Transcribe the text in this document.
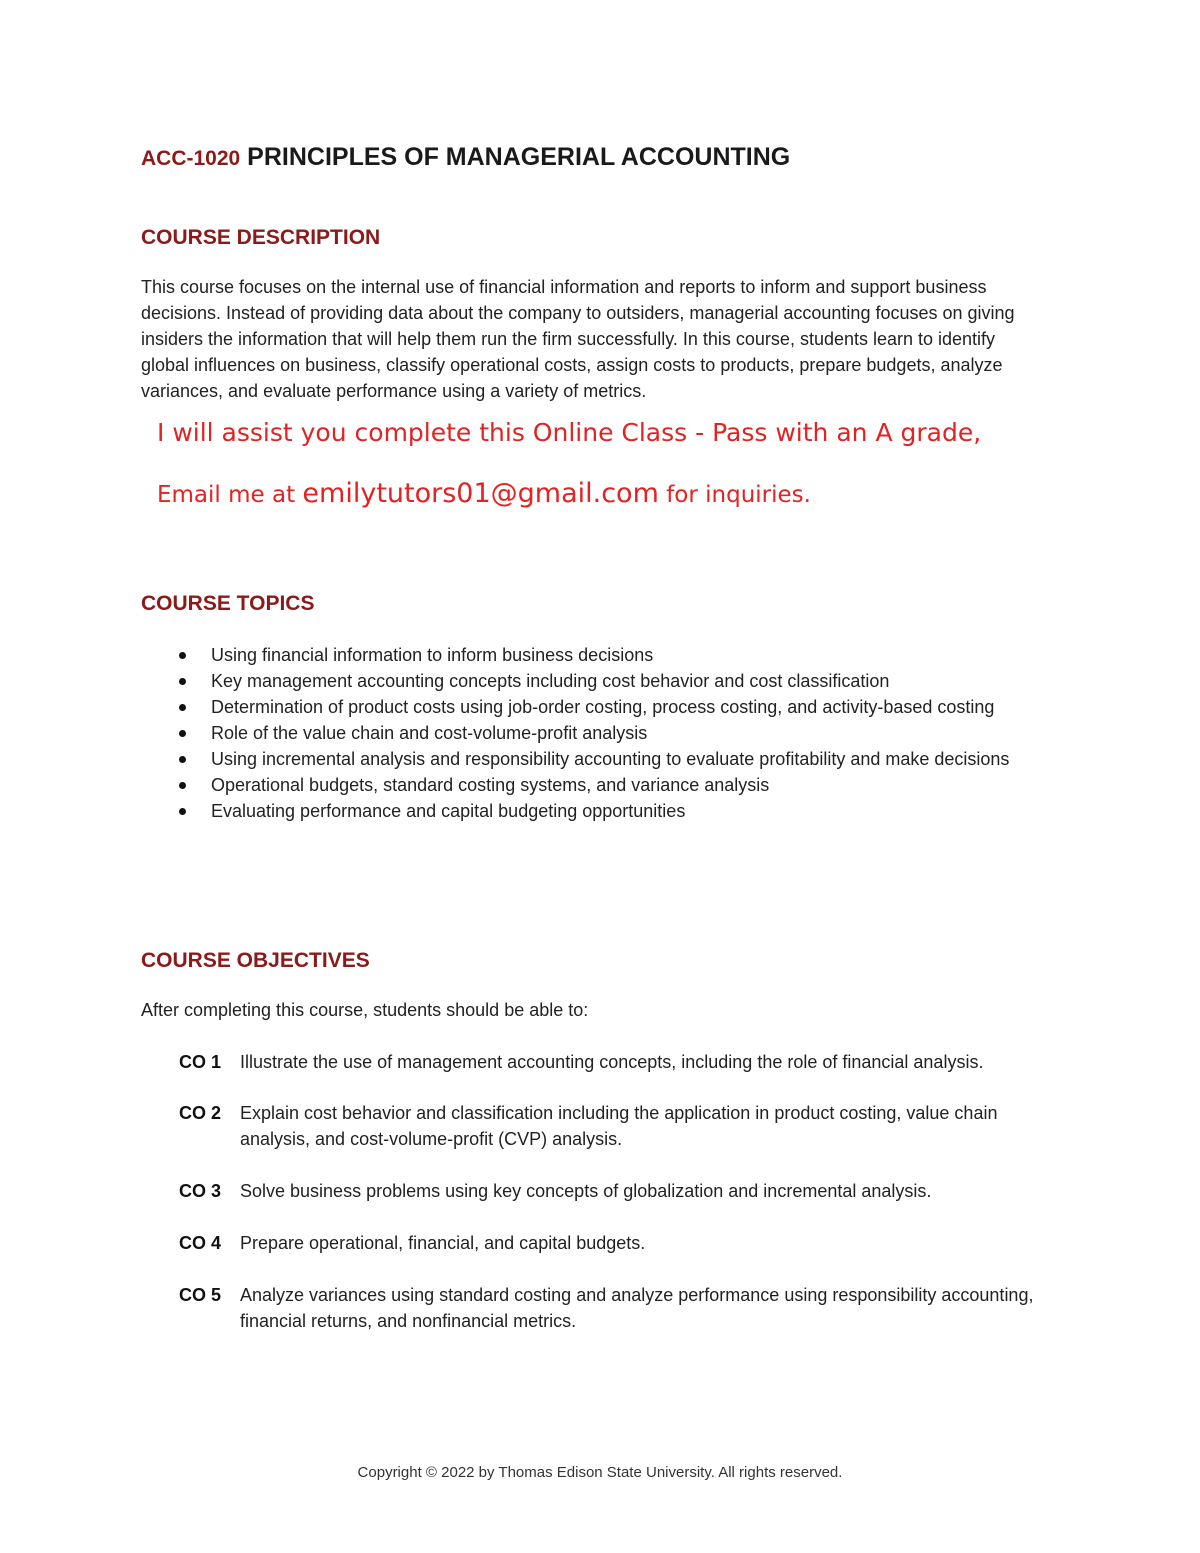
ACC-1020 PRINCIPLES OF MANAGERIAL ACCOUNTING
COURSE DESCRIPTION

This course focuses on the internal use of financial information and reports to inform and support business decisions. Instead of providing data about the company to outsiders, managerial accounting focuses on giving insiders the information that will help them run the firm successfully. In this course, students learn to identify global influences on business, classify operational costs, assign costs to products, prepare budgets, analyze variances, and evaluate performance using a variety of metrics.

I will assist you complete this Online Class - Pass with an A grade,

Email me at emilytutors01@gmail.com for inquiries.

COURSE TOPICS
Using financial information to inform business decisions
Key management accounting concepts including cost behavior and cost classification
Determination of product costs using job-order costing, process costing, and activity-based costing
Role of the value chain and cost-volume-profit analysis
Using incremental analysis and responsibility accounting to evaluate profitability and make decisions
Operational budgets, standard costing systems, and variance analysis
Evaluating performance and capital budgeting opportunities
COURSE OBJECTIVES

After completing this course, students should be able to:

CO 1 Illustrate the use of management accounting concepts, including the role of financial analysis.
CO 2 Explain cost behavior and classification including the application in product costing, value chain analysis, and cost-volume-profit (CVP) analysis.
CO 3 Solve business problems using key concepts of globalization and incremental analysis.
CO 4 Prepare operational, financial, and capital budgets.
CO 5 Analyze variances using standard costing and analyze performance using responsibility accounting, financial returns, and nonfinancial metrics.

Copyright © 2022 by Thomas Edison State University. All rights reserved.
